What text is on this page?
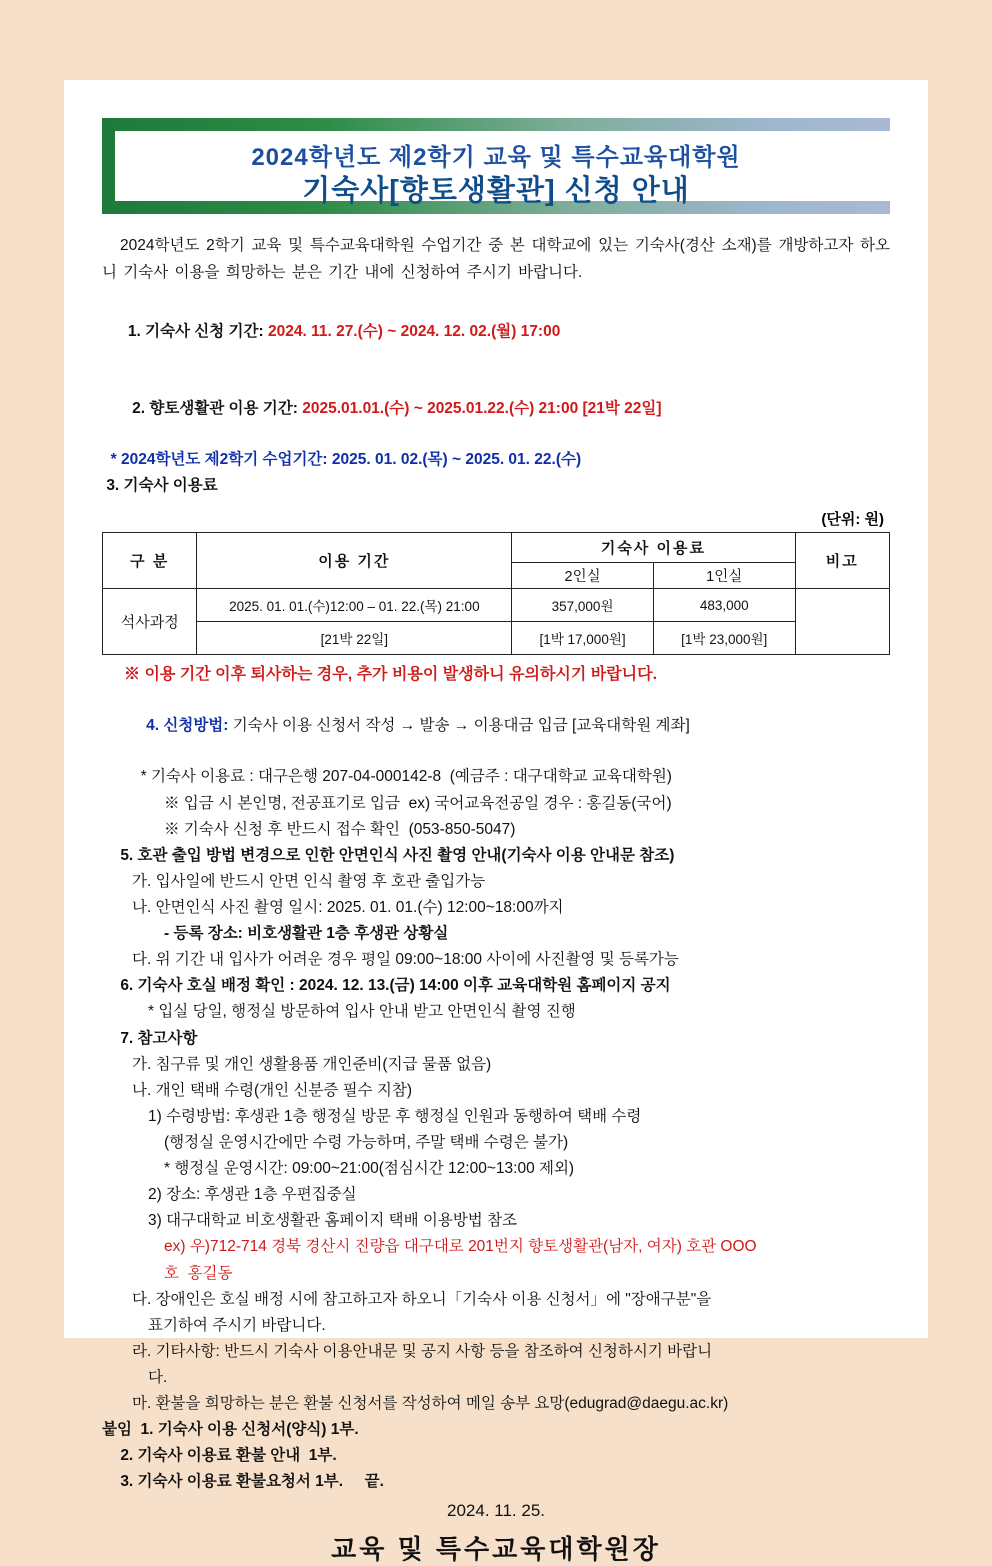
2024학년도 제2학기 교육 및 특수교육대학원
기숙사[향토생활관] 신청 안내

2024학년도 2학기 교육 및 특수교육대학원 수업기간 중 본 대학교에 있는 기숙사(경산 소재)를 개방하고자 하오니 기숙사 이용을 희망하는 분은 기간 내에 신청하여 주시기 바랍니다.

1. 기숙사 신청 기간: 2024. 11. 27.(수) ~ 2024. 12. 02.(월) 17:00

2. 향토생활관 이용 기간: 2025.01.01.(수) ~ 2025.01.22.(수) 21:00 [21박 22일]

* 2024학년도 제2학기 수업기간: 2025. 01. 02.(목) ~ 2025. 01. 22.(수)
3. 기숙사 이용료
(단위: 원)
구 분	이용 기간	기숙사 이용료		비고
		2인실	1인실	
석사과정	2025. 01. 01.(수)12:00 – 01. 22.(목) 21:00	357,000원	483,000	
	[21박 22일]	[1박 17,000원]	[1박 23,000원]	
※ 이용 기간 이후 퇴사하는 경우, 추가 비용이 발생하니 유의하시기 바랍니다.

4. 신청방법: 기숙사 이용 신청서 작성 → 발송 → 이용대금 입금 [교육대학원 계좌]

* 기숙사 이용료 : 대구은행 207-04-000142-8  (예금주 : 대구대학교 교육대학원)
※ 입금 시 본인명, 전공표기로 입금  ex) 국어교육전공일 경우 : 홍길동(국어)
※ 기숙사 신청 후 반드시 접수 확인  (053-850-5047)
5. 호관 출입 방법 변경으로 인한 안면인식 사진 촬영 안내(기숙사 이용 안내문 참조)
가. 입사일에 반드시 안면 인식 촬영 후 호관 출입가능
나. 안면인식 사진 촬영 일시: 2025. 01. 01.(수) 12:00~18:00까지
- 등록 장소: 비호생활관 1층 후생관 상황실
다. 위 기간 내 입사가 어려운 경우 평일 09:00~18:00 사이에 사진촬영 및 등록가능
6. 기숙사 호실 배정 확인 : 2024. 12. 13.(금) 14:00 이후 교육대학원 홈페이지 공지
* 입실 당일, 행정실 방문하여 입사 안내 받고 안면인식 촬영 진행
7. 참고사항
가. 침구류 및 개인 생활용품 개인준비(지급 물품 없음)
나. 개인 택배 수령(개인 신분증 필수 지참)
1) 수령방법: 후생관 1층 행정실 방문 후 행정실 인원과 동행하여 택배 수령
(행정실 운영시간에만 수령 가능하며, 주말 택배 수령은 불가)
* 행정실 운영시간: 09:00~21:00(점심시간 12:00~13:00 제외)
2) 장소: 후생관 1층 우편집중실
3) 대구대학교 비호생활관 홈페이지 택배 이용방법 참조
ex) 우)712-714 경북 경산시 진량읍 대구대로 201번지 향토생활관(남자, 여자) 호관 OOO
호  홍길동
다. 장애인은 호실 배정 시에 참고하고자 하오니「기숙사 이용 신청서」에 "장애구분"을
표기하여 주시기 바랍니다.
라. 기타사항: 반드시 기숙사 이용안내문 및 공지 사항 등을 참조하여 신청하시기 바랍니
다.
마. 환불을 희망하는 분은 환불 신청서를 작성하여 메일 송부 요망(edugrad@daegu.ac.kr)
붙임  1. 기숙사 이용 신청서(양식) 1부.
2. 기숙사 이용료 환불 안내  1부.
3. 기숙사 이용료 환불요청서 1부.     끝.
2024. 11. 25.
교육 및 특수교육대학원장
